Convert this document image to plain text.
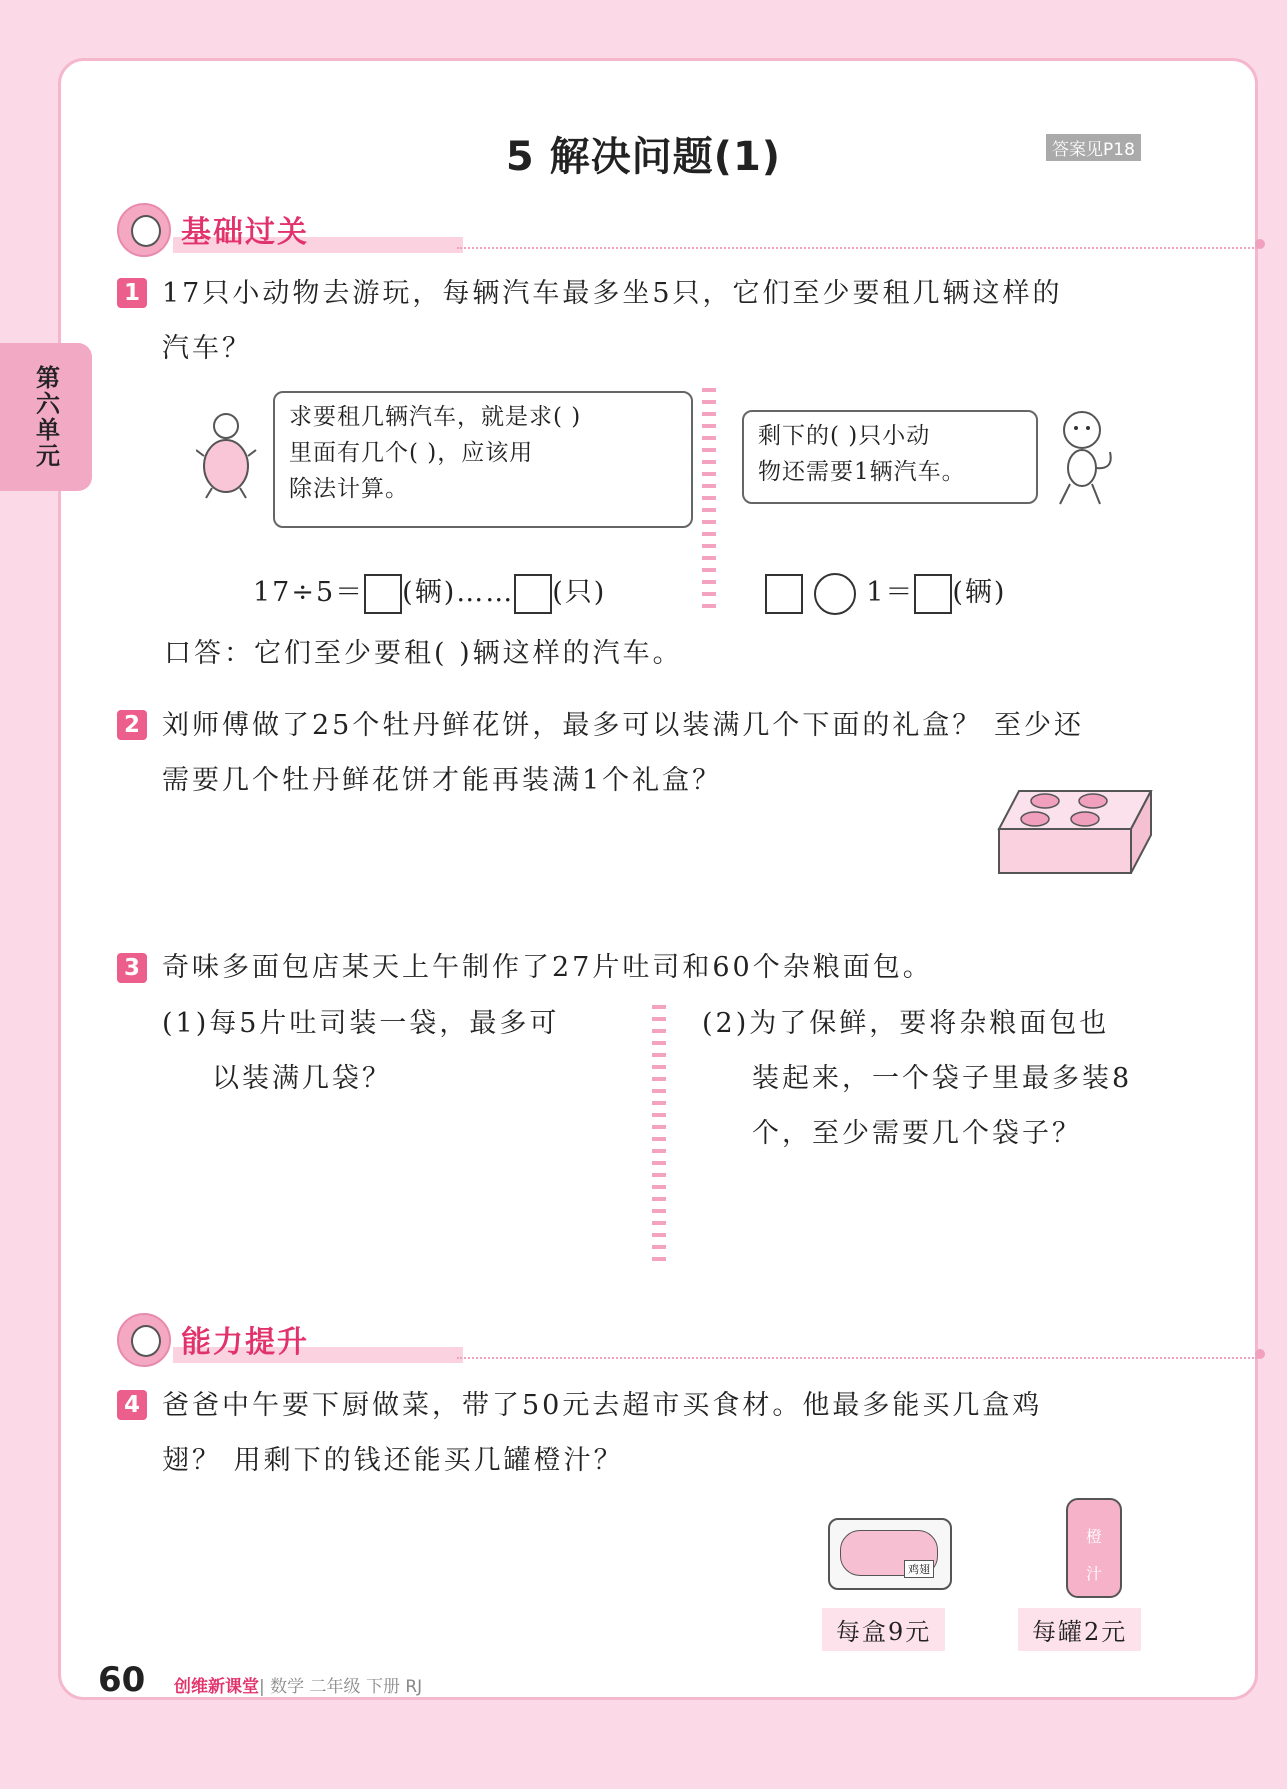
第六单元
5 解决问题(1)	答案见P18
基础过关
1 17只小动物去游玩，每辆汽车最多坐5只，它们至少要租几辆这样的
汽车？
求要租几辆汽车，就是求( )
里面有几个( )，应该用
除法计算。
剩下的( )只小动
物还需要1辆汽车。
17÷5＝ (辆)…… (只)	1＝ (辆)
口答：它们至少要租( )辆这样的汽车。
2 刘师傅做了25个牡丹鲜花饼，最多可以装满几个下面的礼盒？ 至少还
需要几个牡丹鲜花饼才能再装满1个礼盒？
3 奇味多面包店某天上午制作了27片吐司和60个杂粮面包。
(1)每5片吐司装一袋，最多可
以装满几袋？
(2)为了保鲜，要将杂粮面包也
装起来，一个袋子里最多装8
个，至少需要几个袋子？
能力提升
4 爸爸中午要下厨做菜，带了50元去超市买食材。他最多能买几盒鸡
翅？ 用剩下的钱还能买几罐橙汁？
鸡翅
每盒9元
橙
汁
每罐2元
60 创维新课堂| 数学 二年级 下册 RJ
